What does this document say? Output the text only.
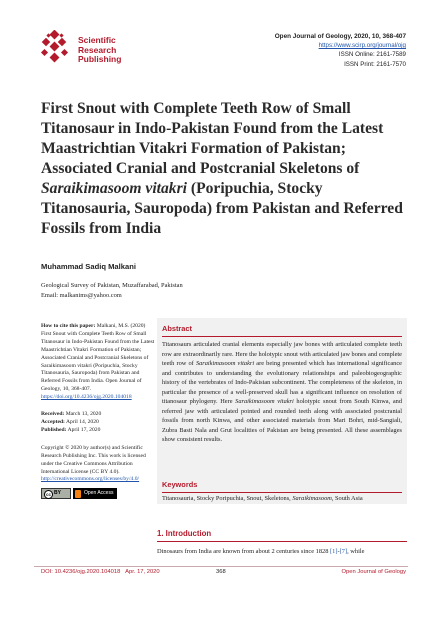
Scientific
Research
Publishing
Open Journal of Geology, 2020, 10, 368-407
https://www.scirp.org/journal/ojg
ISSN Online: 2161-7589
ISSN Print: 2161-7570
First Snout with Complete Teeth Row of Small Titanosaur in Indo-Pakistan Found from the Latest Maastrichtian Vitakri Formation of Pakistan; Associated Cranial and Postcranial Skeletons of Saraikimasoom vitakri (Poripuchia, Stocky Titanosauria, Sauropoda) from Pakistan and Referred Fossils from India
Muhammad Sadiq Malkani
Geological Survey of Pakistan, Muzaffarabad, Pakistan
Email: malkanims@yahoo.com
How to cite this paper: Malkani, M.S. (2020) First Snout with Complete Teeth Row of Small Titanosaur in Indo-Pakistan Found from the Latest Maastrichtian Vitakri Formation of Pakistan; Associated Cranial and Postcranial Skeletons of Saraikimasoom vitakri (Poripuchia, Stocky Titanosauria, Sauropoda) from Pakistan and Referred Fossils from India. Open Journal of Geology, 10, 368-407.
https://doi.org/10.4236/ojg.2020.104018
Received: March 13, 2020
Accepted: April 14, 2020
Published: April 17, 2020
Copyright © 2020 by author(s) and Scientific Research Publishing Inc. This work is licensed under the Creative Commons Attribution International License (CC BY 4.0).
http://creativecommons.org/licenses/by/4.0/
cc BY	Open Access
Abstract
Titanosaurs articulated cranial elements especially jaw bones with articulated complete teeth row are extraordinarily rare. Here the holotypic snout with articulated jaw bones and complete teeth row of Saraikimasoom vitakri are being presented which has international significance and contributes to understanding the evolutionary relationships and paleobiogeographic history of the vertebrates of Indo-Pakistan subcontinent. The completeness of the skeleton, in particular the presence of a well-preserved skull has a significant influence on resolution of titanosaur phylogeny. Here Saraikimasoom vitakri holotypic snout from South Kinwa, and referred jaw with articulated pointed and rounded teeth along with associated postcranial fossils from north Kinwa, and other associated materials from Mari Bohri, mid-Sangiali, Zubra Basti Nala and Grut localities of Pakistan are being presented. All these assemblages show consistent results.
Keywords
Titanosauria, Stocky Poripuchia, Snout, Skeletons, Saraikimasoom, South Asia
1. Introduction
Dinosaurs from India are known from about 2 centuries since 1828 [1]-[7], while
DOI: 10.4236/ojg.2020.104018 Apr. 17, 2020	368	Open Journal of Geology
